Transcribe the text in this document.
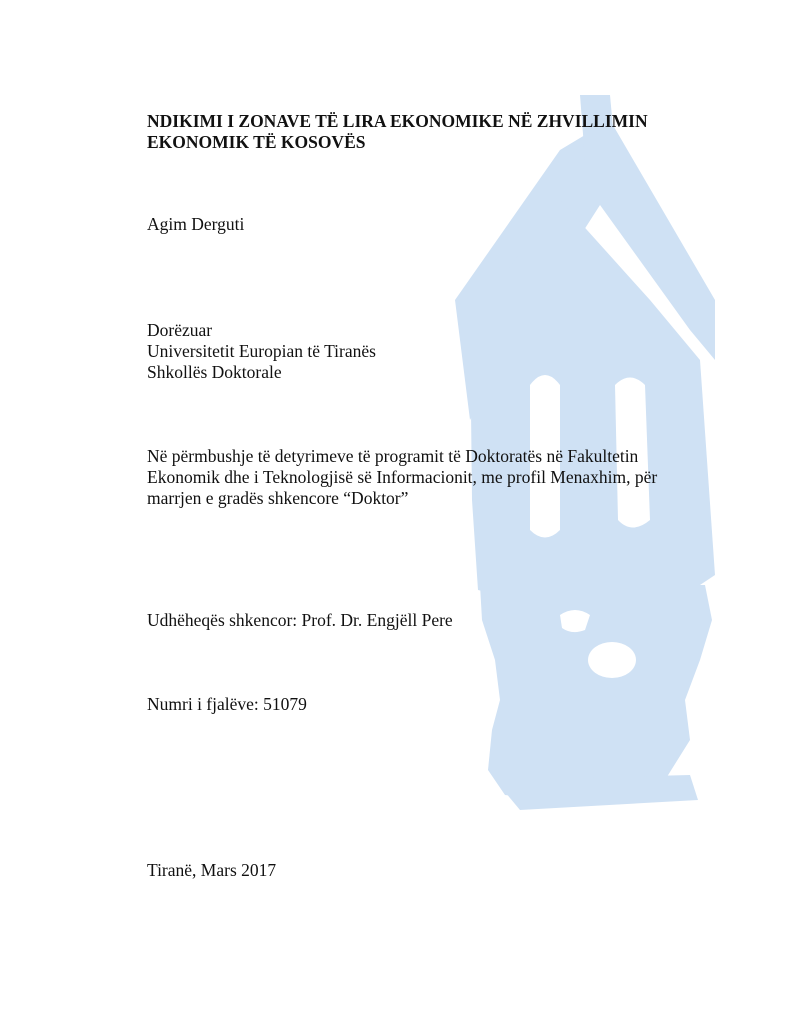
NDIKIMI I ZONAVE TË LIRA EKONOMIKE NË ZHVILLIMIN
EKONOMIK TË KOSOVËS
Agim Derguti
Dorëzuar
Universitetit Europian të Tiranës
Shkollës Doktorale
Në përmbushje të detyrimeve të programit të Doktoratës në Fakultetin
Ekonomik dhe i Teknologjisë së Informacionit, me profil Menaxhim, për
marrjen e gradës shkencore “Doktor”
Udhëheqës shkencor: Prof. Dr. Engjëll Pere
Numri i fjalëve: 51079
Tiranë, Mars 2017
